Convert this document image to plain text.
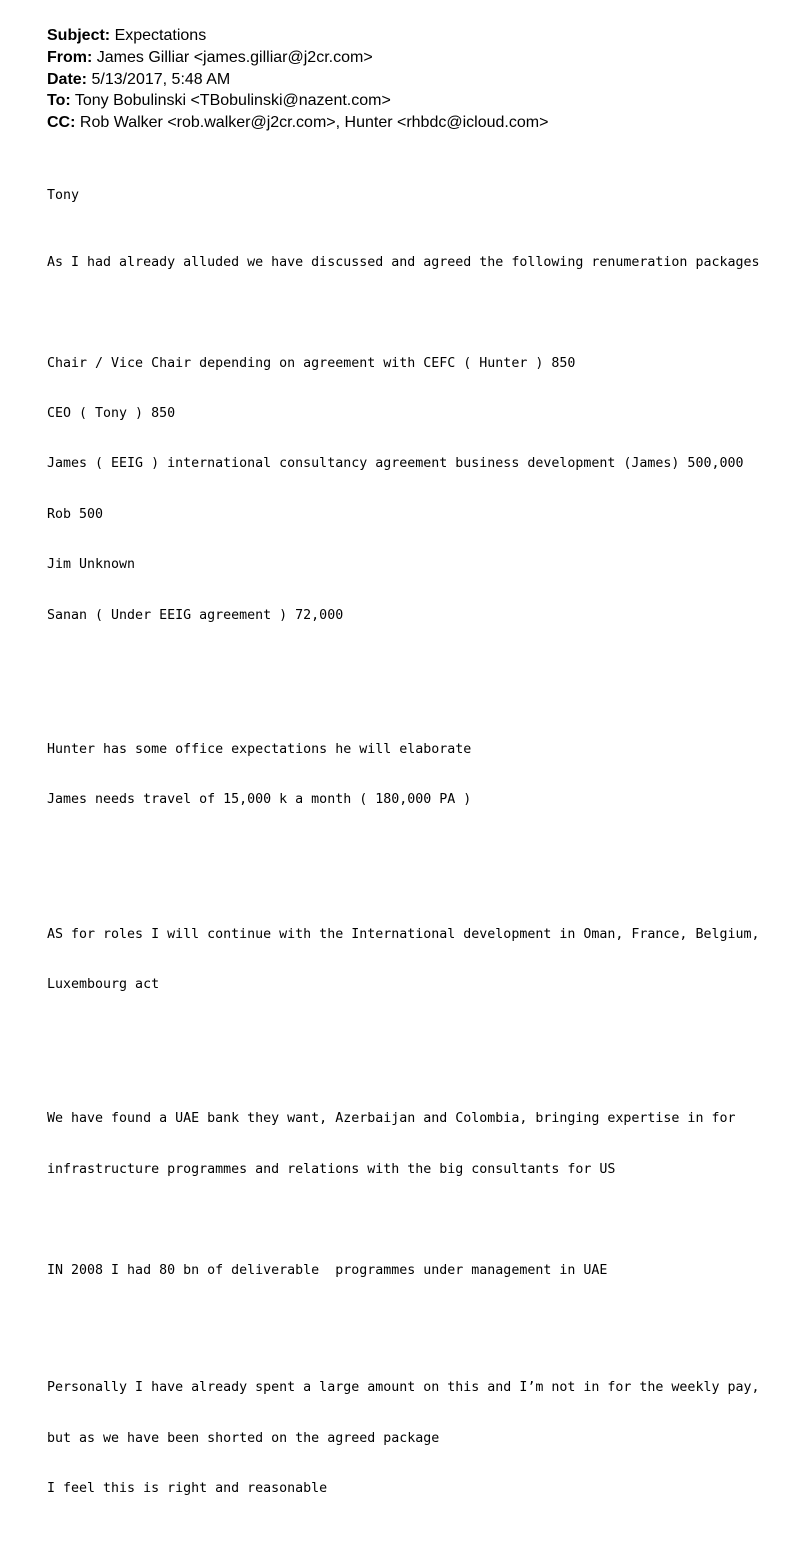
Subject: Expectations
From: James Gilliar <james.gilliar@j2cr.com>
Date: 5/13/2017, 5:48 AM
To: Tony Bobulinski <TBobulinski@nazent.com>
CC: Rob Walker <rob.walker@j2cr.com>, Hunter <rhbdc@icloud.com>

Tony

As I had already alluded we have discussed and agreed the following renumeration packages

Chair / Vice Chair depending on agreement with CEFC ( Hunter ) 850

CEO ( Tony ) 850

James ( EEIG ) international consultancy agreement business development (James) 500,000

Rob 500

Jim Unknown

Sanan ( Under EEIG agreement ) 72,000

Hunter has some office expectations he will elaborate

James needs travel of 15,000 k a month ( 180,000 PA )

AS for roles I will continue with the International development in Oman, France, Belgium,

Luxembourg act

We have found a UAE bank they want, Azerbaijan and Colombia, bringing expertise in for

infrastructure programmes and relations with the big consultants for US

IN 2008 I had 80 bn of deliverable  programmes under management in UAE

Personally I have already spent a large amount on this and I’m not in for the weekly pay,

but as we have been shorted on the agreed package

I feel this is right and reasonable
